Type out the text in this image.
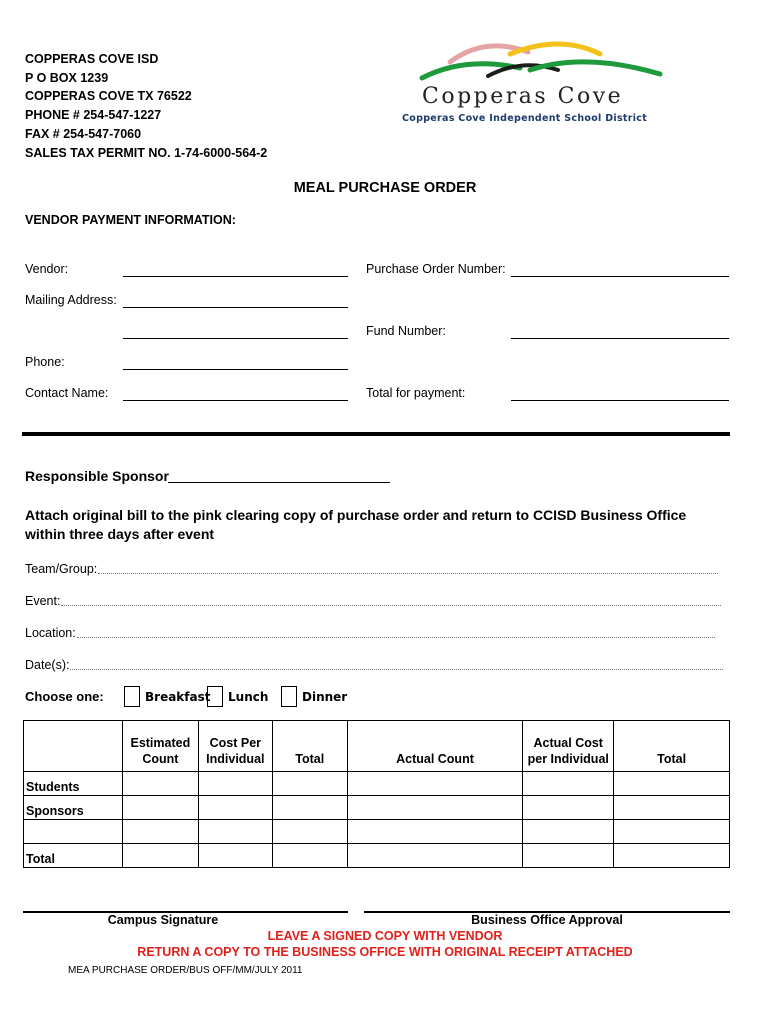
COPPERAS COVE ISD
P O BOX 1239
COPPERAS COVE TX 76522
PHONE # 254-547-1227
FAX # 254-547-7060
SALES TAX PERMIT NO. 1-74-6000-564-2
Copperas Cove
Copperas Cove Independent School District
MEAL PURCHASE ORDER
VENDOR PAYMENT INFORMATION:
Vendor:
Mailing Address:
Phone:
Contact Name:
Purchase Order Number:
Fund Number:
Total for payment:
Responsible Sponsor
Attach original bill to the pink clearing copy of purchase order and return to CCISD Business Office within three days after event
Team/Group:
Event:
Location:
Date(s):
Choose one:	Breakfast Lunch	Dinner
	Estimated Count	Cost Per Individual	Total	Actual Count	Actual Cost per Individual	Total
Students						
Sponsors						

Total						
Campus Signature	Business Office Approval
LEAVE A SIGNED COPY WITH VENDOR
RETURN A COPY TO THE BUSINESS OFFICE WITH ORIGINAL RECEIPT ATTACHED
MEA PURCHASE ORDER/BUS OFF/MM/JULY 2011
